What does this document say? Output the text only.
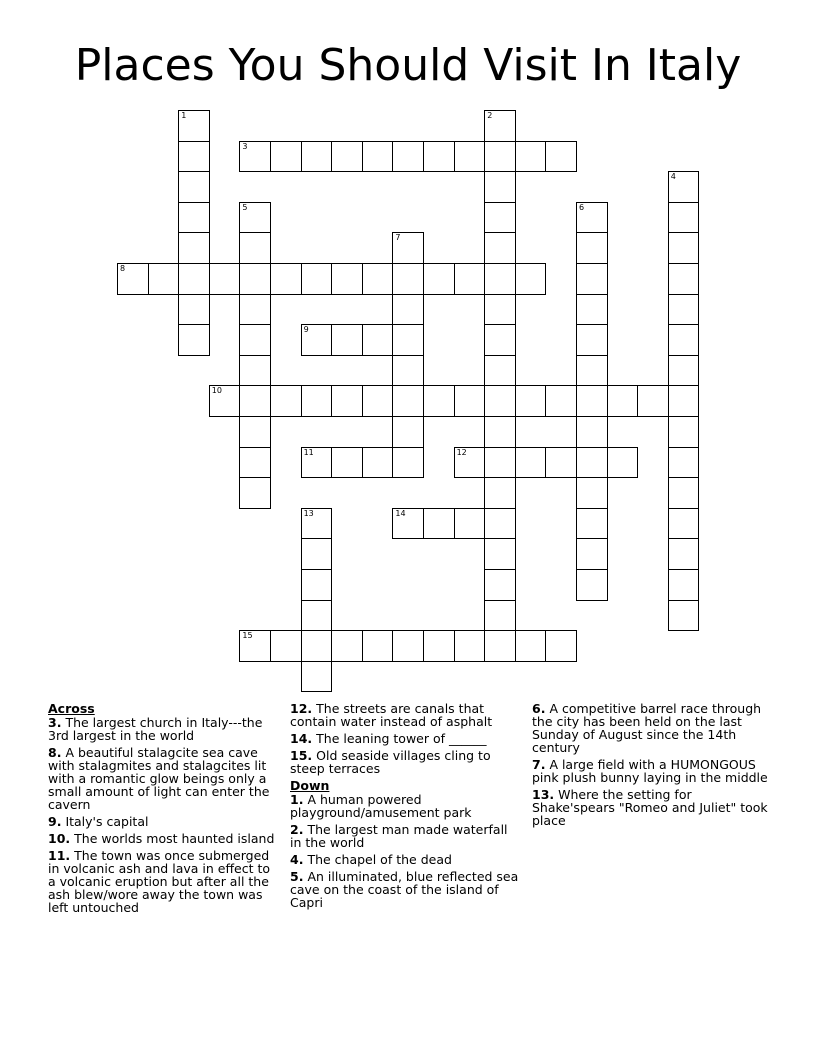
Places You Should Visit In Italy
1	2
3
4
5	6
7
8
9
10
11	12
13	14
15
Across
3. The largest church in Italy---the 3rd largest in the world
8. A beautiful stalagcite sea cave with stalagmites and stalagcites lit with a romantic glow beings only a small amount of light can enter the cavern
9. Italy's capital
10. The worlds most haunted island
11. The town was once submerged in volcanic ash and lava in effect to a volcanic eruption but after all the ash blew/wore away the town was left untouched
12. The streets are canals that contain water instead of asphalt
14. The leaning tower of ______
15. Old seaside villages cling to steep terraces
Down
1. A human powered playground/amusement park
2. The largest man made waterfall in the world
4. The chapel of the dead
5. An illuminated, blue reflected sea cave on the coast of the island of Capri
6. A competitive barrel race through the city has been held on the last Sunday of August since the 14th century
7. A large field with a HUMONGOUS pink plush bunny laying in the middle
13. Where the setting for Shake'spears "Romeo and Juliet" took place
